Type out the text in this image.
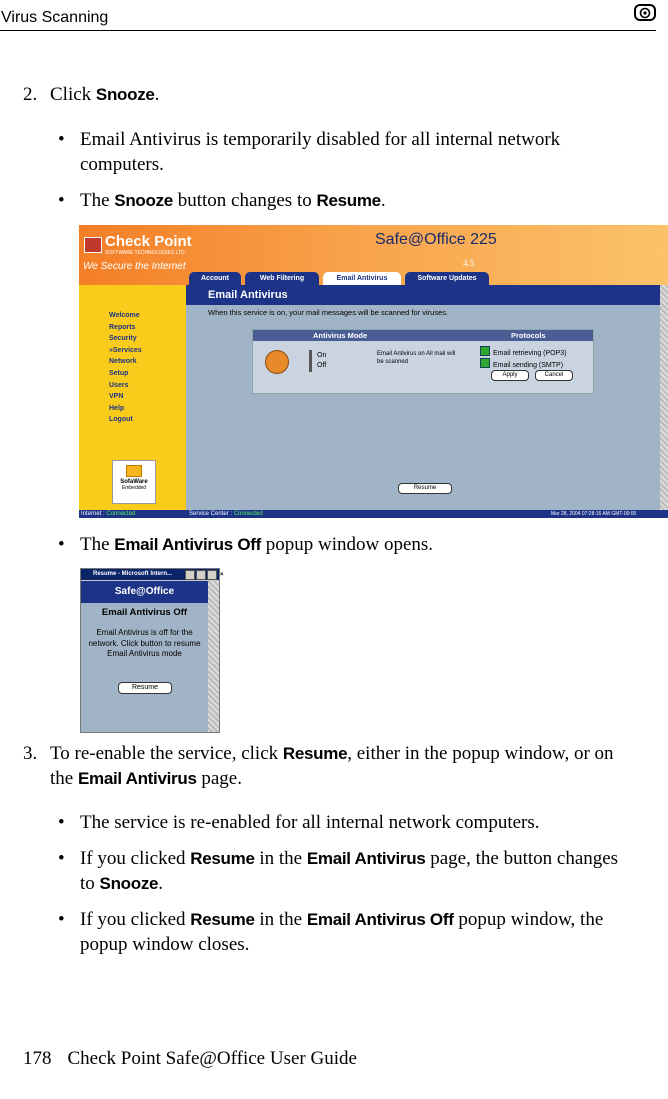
Virus Scanning

2. Click Snooze.

• Email Antivirus is temporarily disabled for all internal network computers.

• The Snooze button changes to Resume.

Check Point
SOFTWARE TECHNOLOGIES LTD.
We Secure the Internet
Safe@Office 225
4.5
Account	Web Filtering	Email Antivirus	Software Updates
Welcome
Reports
Security
»Services
Network
Setup
Users
VPN
Help
Logout
SofaWare
Embedded
Email Antivirus
When this service is on, your mail messages will be scanned for viruses.
Antivirus Mode	Protocols
On
Off
Email Antivirus on All mail will be scanned
Email retrieving (POP3)
Email sending (SMTP)
Apply	Cancel
Resume
Internet : Connected	Service Center : Connected	Mar 28, 2004 07:28:16 AM GMT-00:00

• The Email Antivirus Off popup window opens.

Resume - Microsoft Intern...	×
Safe@Office
Email Antivirus Off
Email Antivirus is off for the network. Click button to resume Email Antivirus mode
Resume

3. To re-enable the service, click Resume, either in the popup window, or on the Email Antivirus page.

• The service is re-enabled for all internal network computers.

• If you clicked Resume in the Email Antivirus page, the button changes to Snooze.

• If you clicked Resume in the Email Antivirus Off popup window, the popup window closes.

178 Check Point Safe@Office User Guide
